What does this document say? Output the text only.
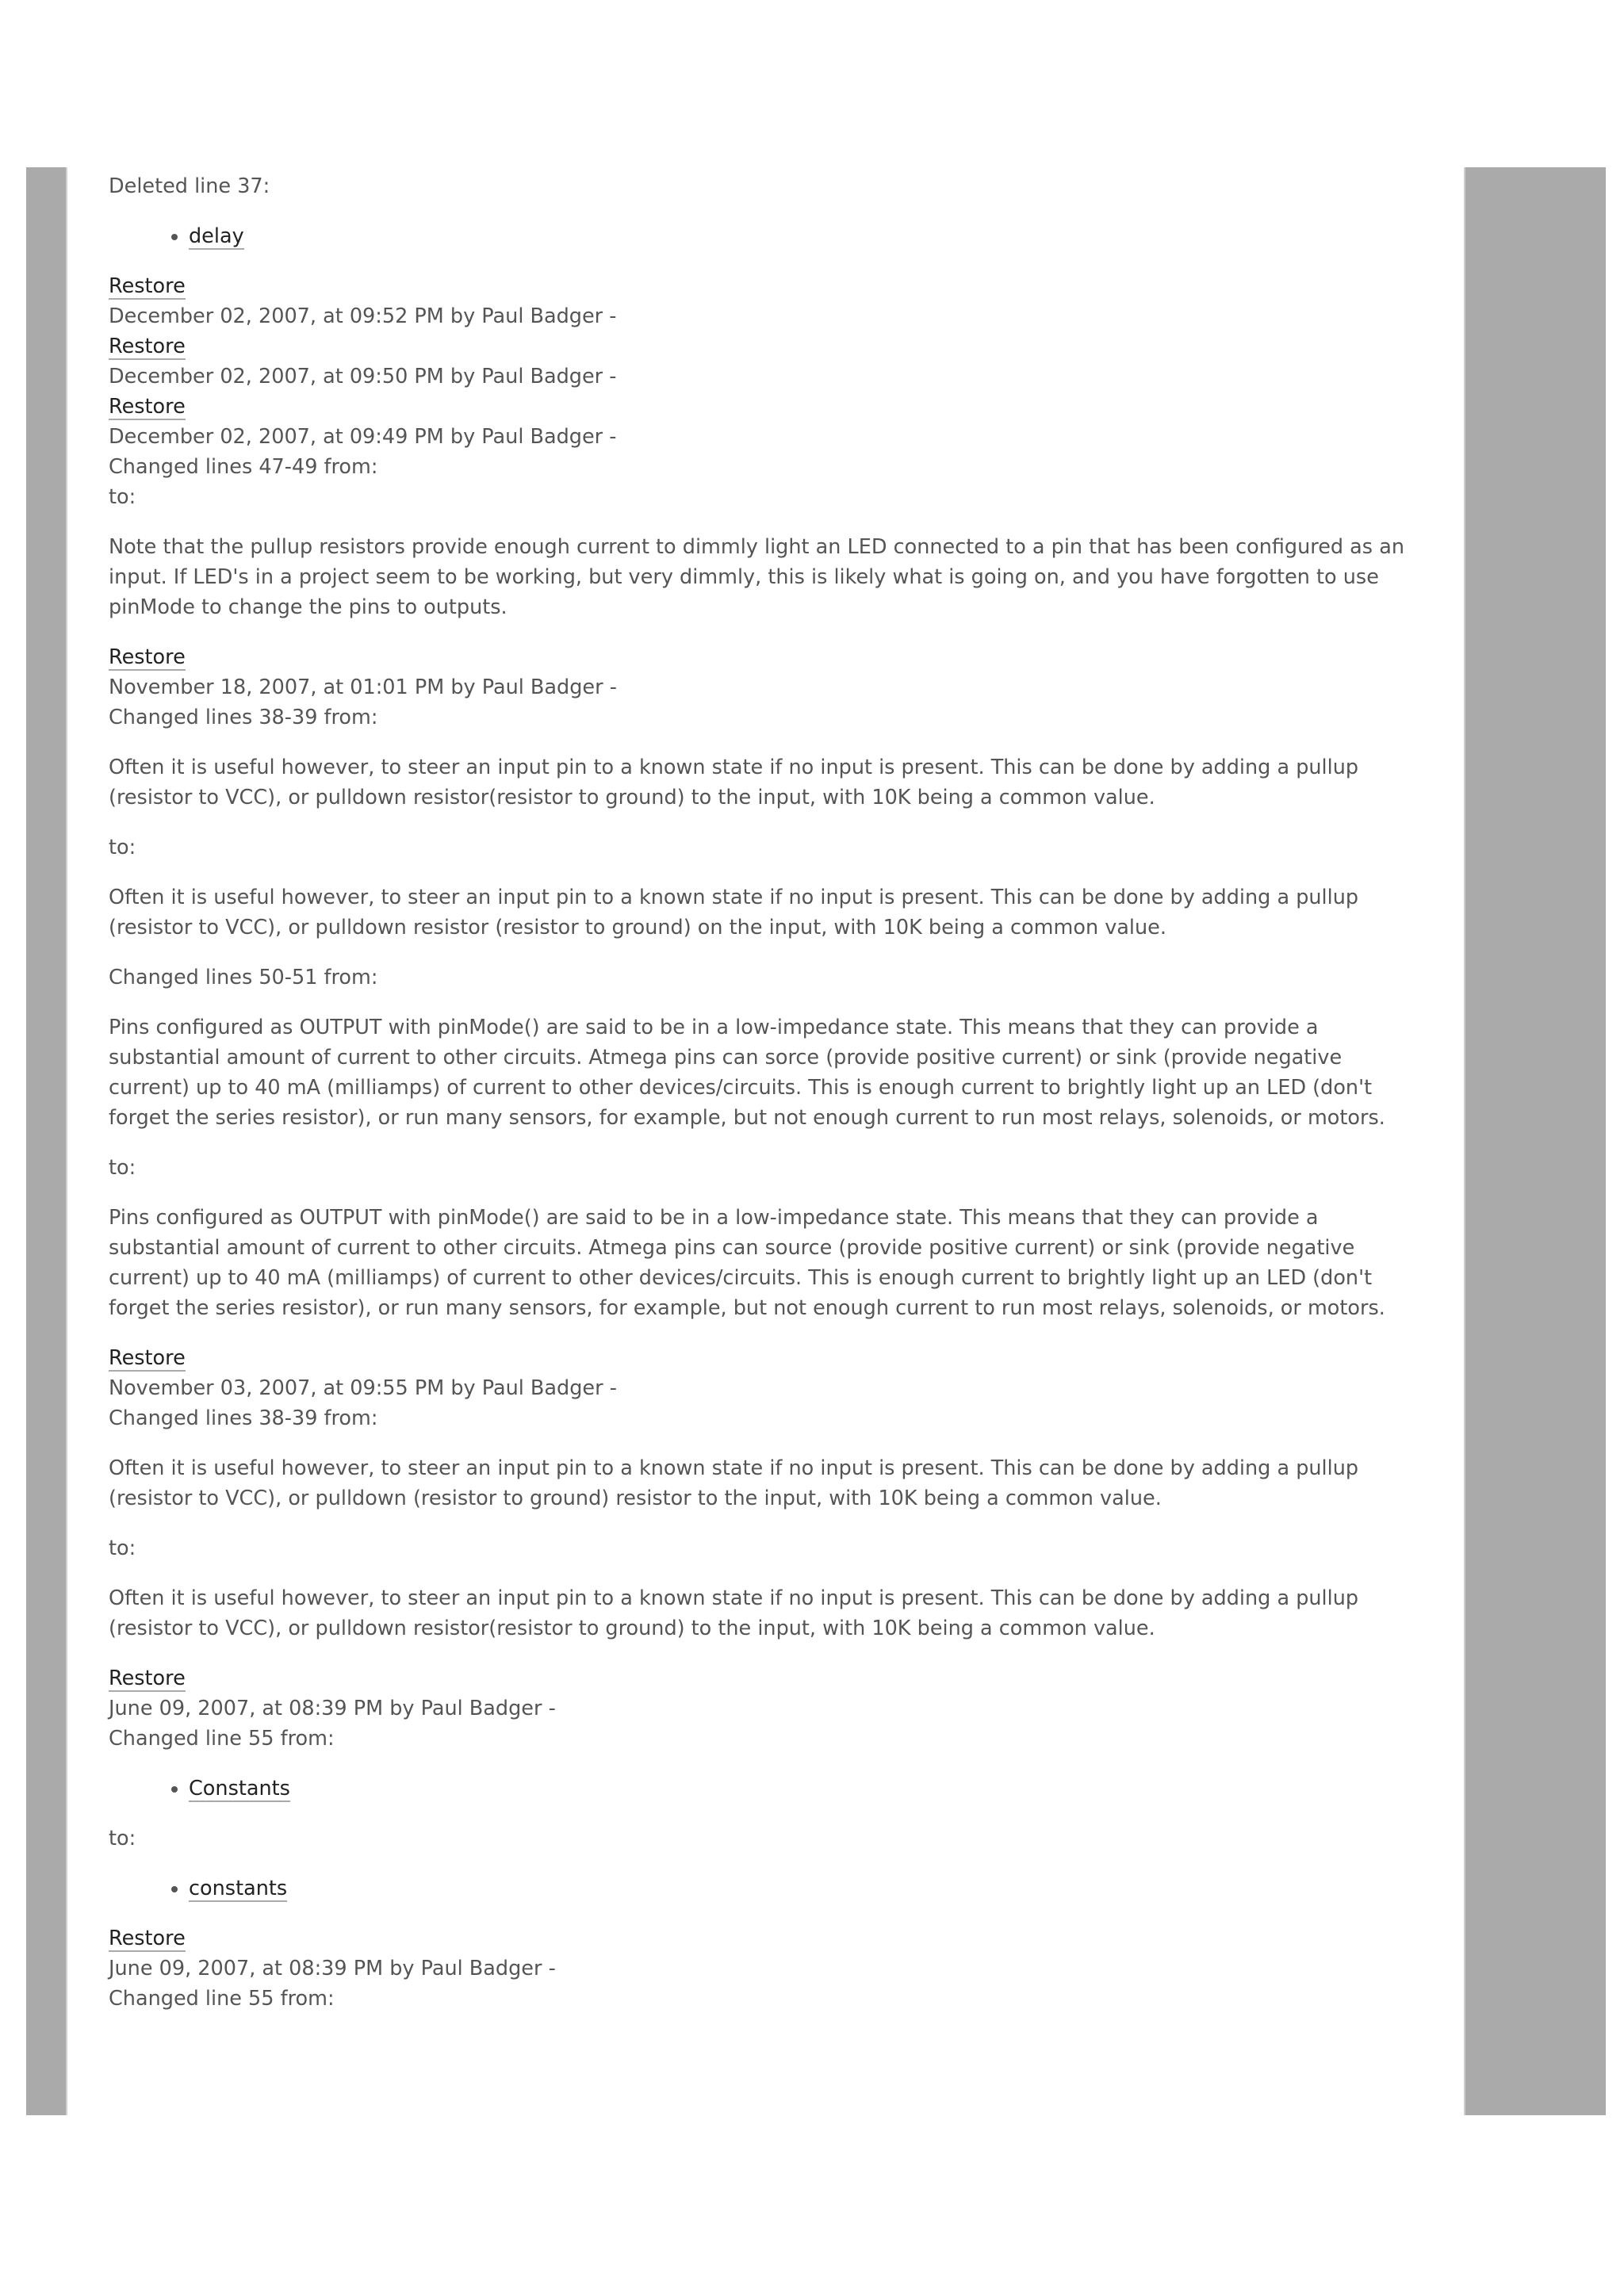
Deleted line 37:

• delay
Restore
December 02, 2007, at 09:52 PM by Paul Badger -
Restore
December 02, 2007, at 09:50 PM by Paul Badger -
Restore
December 02, 2007, at 09:49 PM by Paul Badger -
Changed lines 47-49 from:
to:

Note that the pullup resistors provide enough current to dimmly light an LED connected to a pin that has been configured as an input. If LED's in a project seem to be working, but very dimmly, this is likely what is going on, and you have forgotten to use pinMode to change the pins to outputs.

Restore
November 18, 2007, at 01:01 PM by Paul Badger -
Changed lines 38-39 from:

Often it is useful however, to steer an input pin to a known state if no input is present. This can be done by adding a pullup (resistor to VCC), or pulldown resistor(resistor to ground) to the input, with 10K being a common value.

to:

Often it is useful however, to steer an input pin to a known state if no input is present. This can be done by adding a pullup (resistor to VCC), or pulldown resistor (resistor to ground) on the input, with 10K being a common value.

Changed lines 50-51 from:

Pins configured as OUTPUT with pinMode() are said to be in a low-impedance state. This means that they can provide a substantial amount of current to other circuits. Atmega pins can sorce (provide positive current) or sink (provide negative current) up to 40 mA (milliamps) of current to other devices/circuits. This is enough current to brightly light up an LED (don't forget the series resistor), or run many sensors, for example, but not enough current to run most relays, solenoids, or motors.

to:

Pins configured as OUTPUT with pinMode() are said to be in a low-impedance state. This means that they can provide a substantial amount of current to other circuits. Atmega pins can source (provide positive current) or sink (provide negative current) up to 40 mA (milliamps) of current to other devices/circuits. This is enough current to brightly light up an LED (don't forget the series resistor), or run many sensors, for example, but not enough current to run most relays, solenoids, or motors.

Restore
November 03, 2007, at 09:55 PM by Paul Badger -
Changed lines 38-39 from:

Often it is useful however, to steer an input pin to a known state if no input is present. This can be done by adding a pullup (resistor to VCC), or pulldown (resistor to ground) resistor to the input, with 10K being a common value.

to:

Often it is useful however, to steer an input pin to a known state if no input is present. This can be done by adding a pullup (resistor to VCC), or pulldown resistor(resistor to ground) to the input, with 10K being a common value.

Restore
June 09, 2007, at 08:39 PM by Paul Badger -
Changed line 55 from:
• Constants

to:

• constants
Restore
June 09, 2007, at 08:39 PM by Paul Badger -
Changed line 55 from:
